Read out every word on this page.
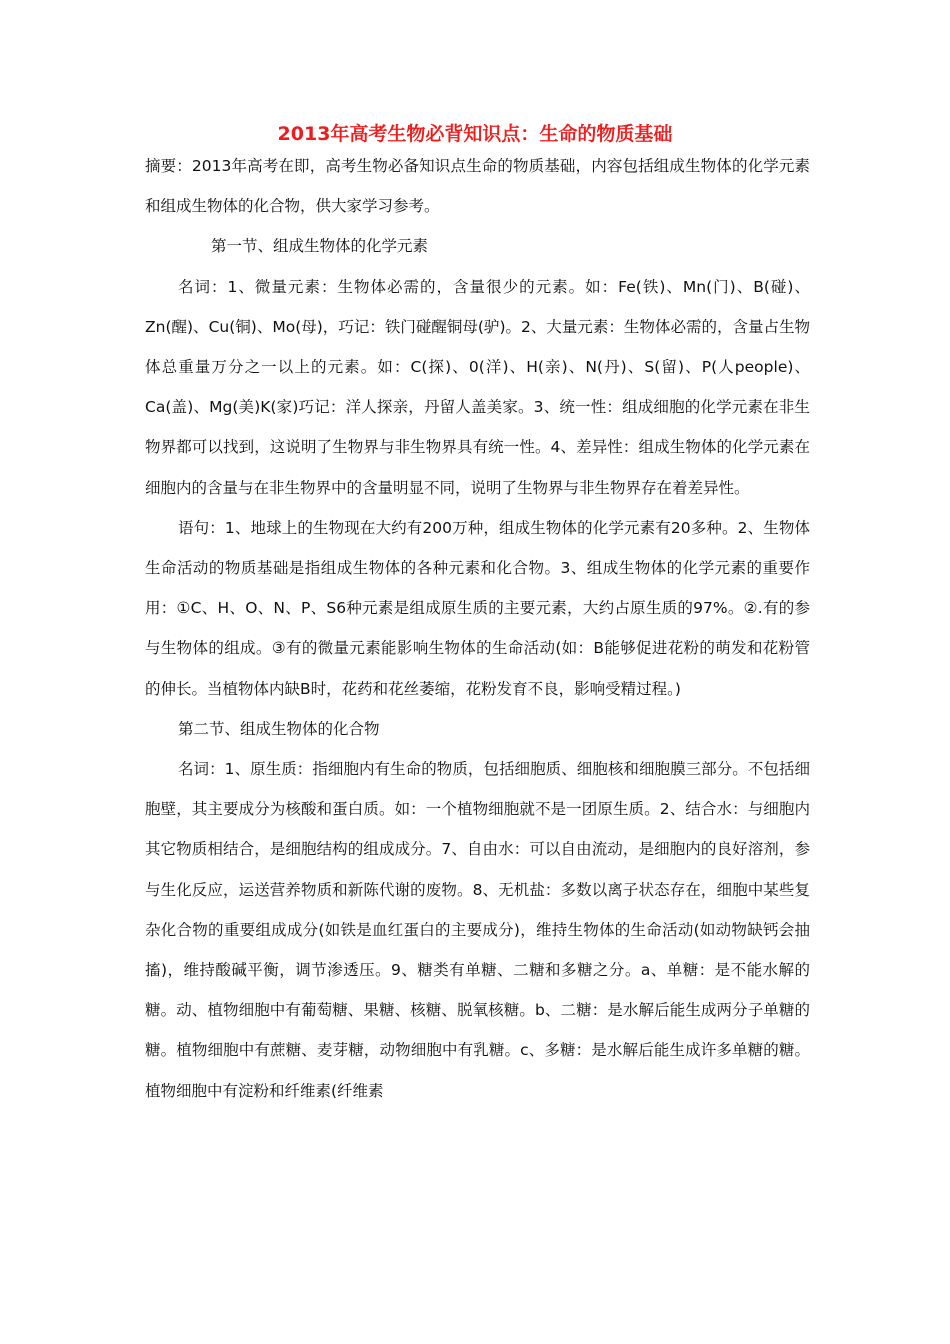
2013年高考生物必背知识点：生命的物质基础

摘要：2013年高考在即，高考生物必备知识点生命的物质基础，内容包括组成生物体的化学元素和组成生物体的化合物，供大家学习参考。

第一节、组成生物体的化学元素

名词：1、微量元素：生物体必需的，含量很少的元素。如：Fe(铁)、Mn(门)、B(碰)、Zn(醒)、Cu(铜)、Mo(母)，巧记：铁门碰醒铜母(驴)。2、大量元素：生物体必需的，含量占生物体总重量万分之一以上的元素。如：C(探)、0(洋)、H(亲)、N(丹)、S(留)、P(人people)、Ca(盖)、Mg(美)K(家)巧记：洋人探亲，丹留人盖美家。3、统一性：组成细胞的化学元素在非生物界都可以找到，这说明了生物界与非生物界具有统一性。4、差异性：组成生物体的化学元素在细胞内的含量与在非生物界中的含量明显不同，说明了生物界与非生物界存在着差异性。

语句：1、地球上的生物现在大约有200万种，组成生物体的化学元素有20多种。2、生物体生命活动的物质基础是指组成生物体的各种元素和化合物。3、组成生物体的化学元素的重要作用：①C、H、O、N、P、S6种元素是组成原生质的主要元素，大约占原生质的97%。②.有的参与生物体的组成。③有的微量元素能影响生物体的生命活动(如：B能够促进花粉的萌发和花粉管的伸长。当植物体内缺B时，花药和花丝萎缩，花粉发育不良，影响受精过程。)

第二节、组成生物体的化合物

名词：1、原生质：指细胞内有生命的物质，包括细胞质、细胞核和细胞膜三部分。不包括细胞壁，其主要成分为核酸和蛋白质。如：一个植物细胞就不是一团原生质。2、结合水：与细胞内其它物质相结合，是细胞结构的组成成分。7、自由水：可以自由流动，是细胞内的良好溶剂，参与生化反应，运送营养物质和新陈代谢的废物。8、无机盐：多数以离子状态存在，细胞中某些复杂化合物的重要组成成分(如铁是血红蛋白的主要成分)，维持生物体的生命活动(如动物缺钙会抽搐)，维持酸碱平衡，调节渗透压。9、糖类有单糖、二糖和多糖之分。a、单糖：是不能水解的糖。动、植物细胞中有葡萄糖、果糖、核糖、脱氧核糖。b、二糖：是水解后能生成两分子单糖的糖。植物细胞中有蔗糖、麦芽糖，动物细胞中有乳糖。c、多糖：是水解后能生成许多单糖的糖。植物细胞中有淀粉和纤维素(纤维素
